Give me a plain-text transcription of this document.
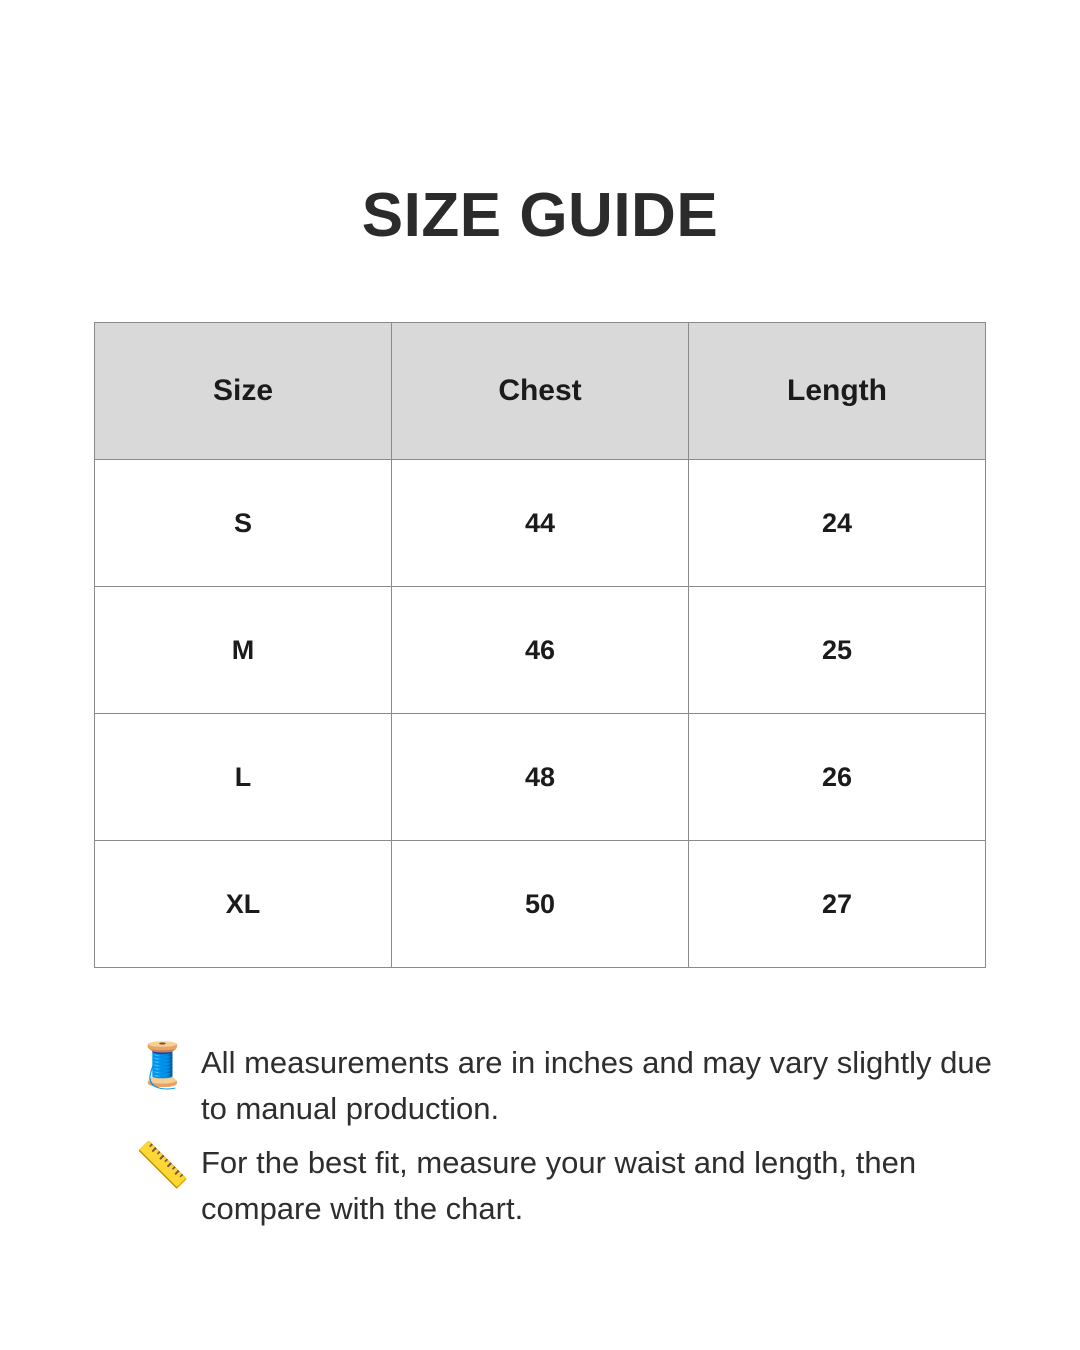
SIZE GUIDE
Size	Chest	Length
S	44	24
M	46	25
L	48	26
XL	50	27
🧵 All measurements are in inches and may vary slightly due to manual production.
📏 For the best fit, measure your waist and length, then compare with the chart.
